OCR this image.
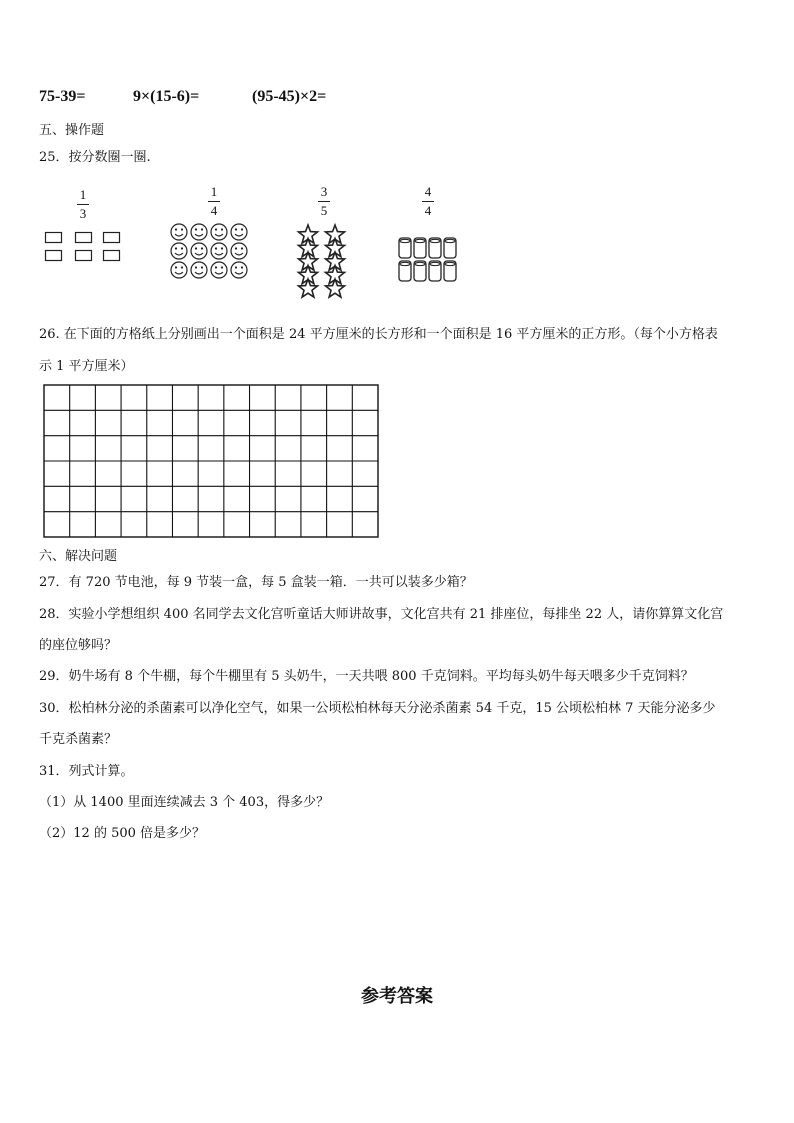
75-39=	9×(15-6)=	(95-45)×2=
五、操作题
25．按分数圈一圈.
1
3
1
4
3
5
4
4
26. 在下面的方格纸上分别画出一个面积是 24 平方厘米的长方形和一个面积是 16 平方厘米的正方形。（每个小方格表
示 1 平方厘米）
六、解决问题
27．有 720 节电池，每 9 节装一盒，每 5 盒装一箱．一共可以装多少箱？
28．实验小学想组织 400 名同学去文化宫听童话大师讲故事，文化宫共有 21 排座位，每排坐 22 人，请你算算文化宫
的座位够吗？
29．奶牛场有 8 个牛棚，每个牛棚里有 5 头奶牛，一天共喂 800 千克饲料。平均每头奶牛每天喂多少千克饲料？
30．松柏林分泌的杀菌素可以净化空气，如果一公顷松柏林每天分泌杀菌素 54 千克，15 公顷松柏林 7 天能分泌多少
千克杀菌素？
31．列式计算。
（1）从 1400 里面连续减去 3 个 403，得多少？
（2）12 的 500 倍是多少？
参考答案
